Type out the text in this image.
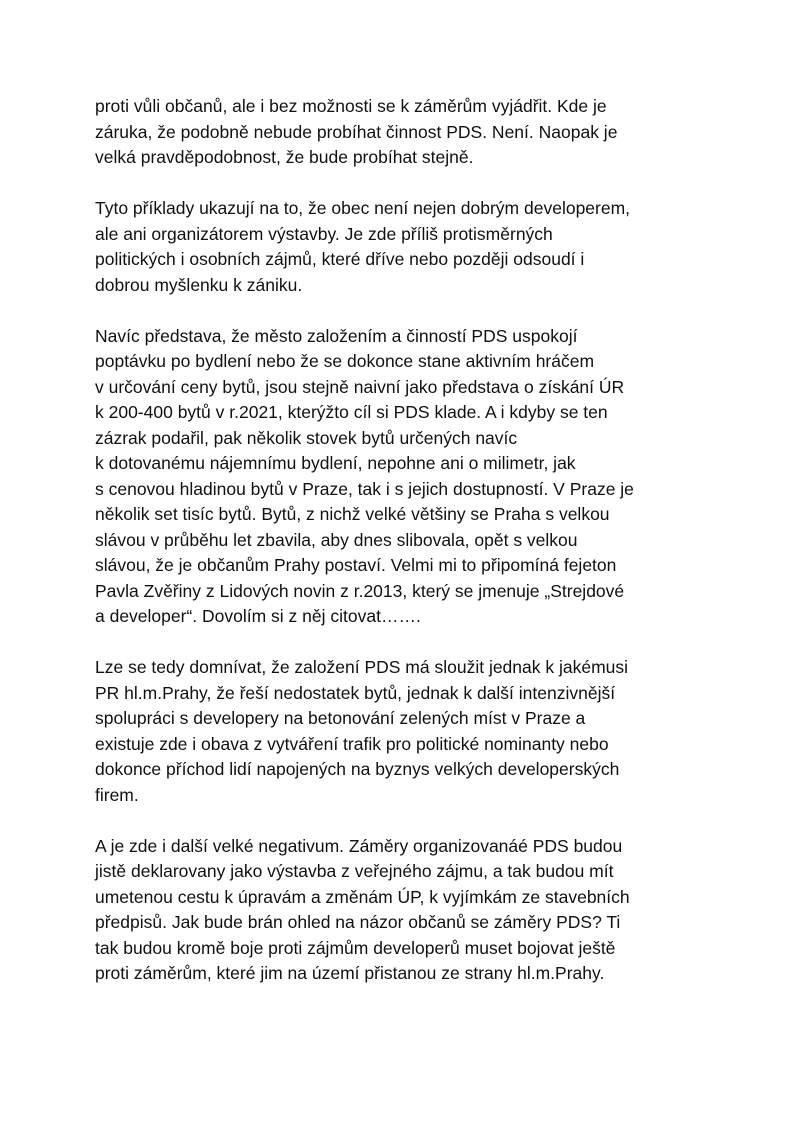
proti vůli občanů, ale i bez možnosti se k záměrům vyjádřit. Kde je
záruka, že podobně nebude probíhat činnost PDS. Není. Naopak je
velká pravděpodobnost, že bude probíhat stejně.

Tyto příklady ukazují na to, že obec není nejen dobrým developerem,
ale ani organizátorem výstavby. Je zde příliš protisměrných
politických i osobních zájmů, které dříve nebo později odsoudí i
dobrou myšlenku k zániku.

Navíc představa, že město založením a činností PDS uspokojí
poptávku po bydlení nebo že se dokonce stane aktivním hráčem
v určování ceny bytů, jsou stejně naivní jako představa o získání ÚR
k 200-400 bytů v r.2021, kterýžto cíl si PDS klade. A i kdyby se ten
zázrak podařil, pak několik stovek bytů určených navíc
k dotovanému nájemnímu bydlení, nepohne ani o milimetr, jak
s cenovou hladinou bytů v Praze, tak i s jejich dostupností. V Praze je
několik set tisíc bytů. Bytů, z nichž velké většiny se Praha s velkou
slávou v průběhu let zbavila, aby dnes slibovala, opět s velkou
slávou, že je občanům Prahy postaví. Velmi mi to připomíná fejeton
Pavla Zvěřiny z Lidových novin z r.2013, který se jmenuje „Strejdové
a developer“. Dovolím si z něj citovat…….

Lze se tedy domnívat, že založení PDS má sloužit jednak k jakémusi
PR hl.m.Prahy, že řeší nedostatek bytů, jednak k další intenzivnější
spolupráci s developery na betonování zelených míst v Praze a
existuje zde i obava z vytváření trafik pro politické nominanty nebo
dokonce příchod lidí napojených na byznys velkých developerských
firem.

A je zde i další velké negativum. Záměry organizovanáé PDS budou
jistě deklarovany jako výstavba z veřejného zájmu, a tak budou mít
umetenou cestu k úpravám a změnám ÚP, k vyjímkám ze stavebních
předpisů. Jak bude brán ohled na názor občanů se záměry PDS? Ti
tak budou kromě boje proti zájmům developerů muset bojovat ještě
proti záměrům, které jim na území přistanou ze strany hl.m.Prahy.
